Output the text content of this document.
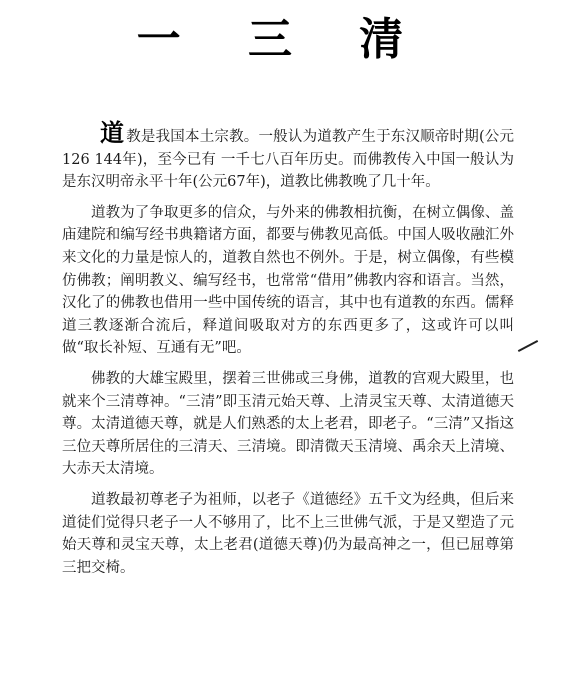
一 三 清

道教是我国本土宗教。一般认为道教产生于东汉顺帝时期(公元126 144年)，至今已有 一千七八百年历史。而佛教传入中国一般认为是东汉明帝永平十年(公元67年)，道教比佛教晚了几十年。

道教为了争取更多的信众，与外来的佛教相抗衡，在树立偶像、盖庙建院和编写经书典籍诸方面，都要与佛教见高低。中国人吸收融汇外来文化的力量是惊人的，道教自然也不例外。于是，树立偶像，有些模仿佛教；阐明教义、编写经书，也常常“借用”佛教内容和语言。当然，汉化了的佛教也借用一些中国传统的语言，其中也有道教的东西。儒释道三教逐渐合流后，释道间吸取对方的东西更多了，这或许可以叫做“取长补短、互通有无”吧。

佛教的大雄宝殿里，摆着三世佛或三身佛，道教的宫观大殿里，也就来个三清尊神。“三清”即玉清元始天尊、上清灵宝天尊、太清道德天尊。太清道德天尊，就是人们熟悉的太上老君，即老子。“三清”又指这三位天尊所居住的三清天、三清境。即清微天玉清境、禹余天上清境、大赤天太清境。

道教最初尊老子为祖师，以老子《道德经》五千文为经典，但后来道徒们觉得只老子一人不够用了，比不上三世佛气派，于是又塑造了元始天尊和灵宝天尊，太上老君(道德天尊)仍为最高神之一，但已屈尊第三把交椅。
